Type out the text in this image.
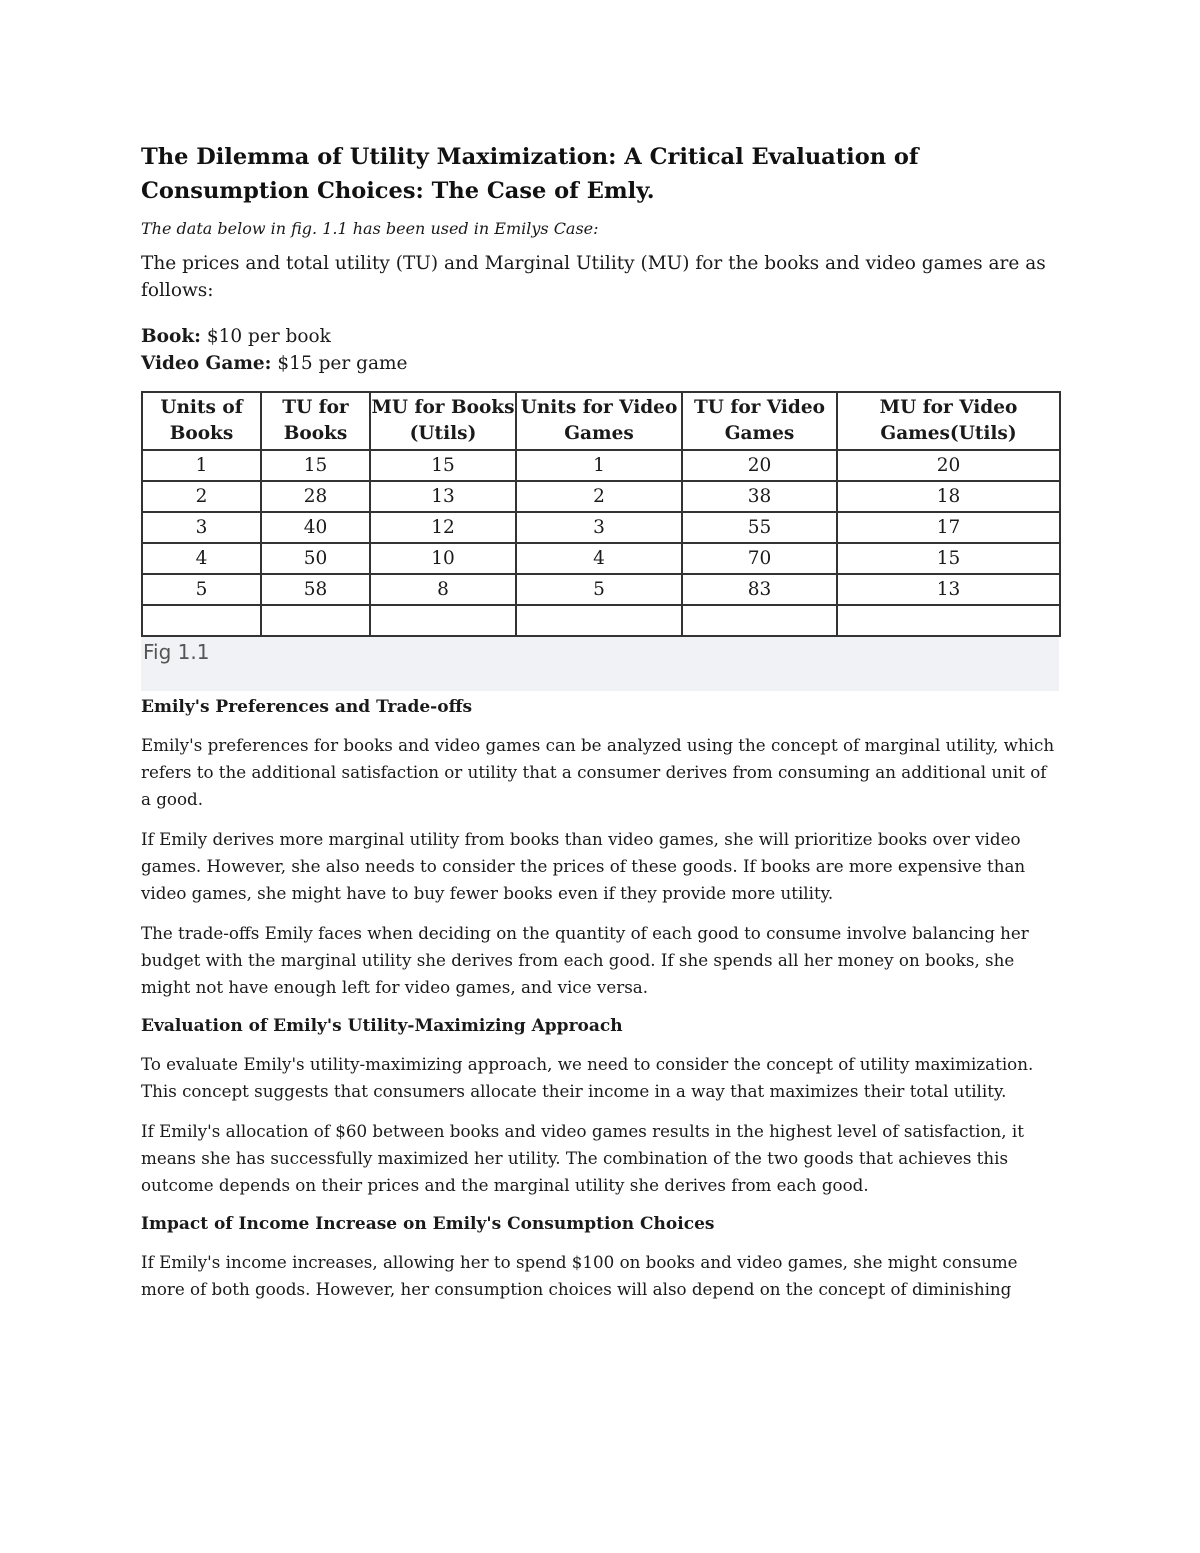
The Dilemma of Utility Maximization: A Critical Evaluation of Consumption Choices: The Case of Emly.

The data below in fig. 1.1 has been used in Emilys Case:

The prices and total utility (TU) and Marginal Utility (MU) for the books and video games are as follows:

Book: $10 per book

Video Game: $15 per game

Units of Books	TU for Books	MU for Books (Utils)	Units for Video Games	TU for Video Games	MU for Video Games(Utils)
1	15	15	1	20	20
2	28	13	2	38	18
3	40	12	3	55	17
4	50	10	4	70	15
5	58	8	5	83	13

Fig 1.1
Emily's Preferences and Trade-offs

Emily's preferences for books and video games can be analyzed using the concept of marginal utility, which refers to the additional satisfaction or utility that a consumer derives from consuming an additional unit of a good.

If Emily derives more marginal utility from books than video games, she will prioritize books over video games. However, she also needs to consider the prices of these goods. If books are more expensive than video games, she might have to buy fewer books even if they provide more utility.

The trade-offs Emily faces when deciding on the quantity of each good to consume involve balancing her budget with the marginal utility she derives from each good. If she spends all her money on books, she might not have enough left for video games, and vice versa.

Evaluation of Emily's Utility-Maximizing Approach

To evaluate Emily's utility-maximizing approach, we need to consider the concept of utility maximization. This concept suggests that consumers allocate their income in a way that maximizes their total utility.

If Emily's allocation of $60 between books and video games results in the highest level of satisfaction, it means she has successfully maximized her utility. The combination of the two goods that achieves this outcome depends on their prices and the marginal utility she derives from each good.

Impact of Income Increase on Emily's Consumption Choices

If Emily's income increases, allowing her to spend $100 on books and video games, she might consume more of both goods. However, her consumption choices will also depend on the concept of diminishing
